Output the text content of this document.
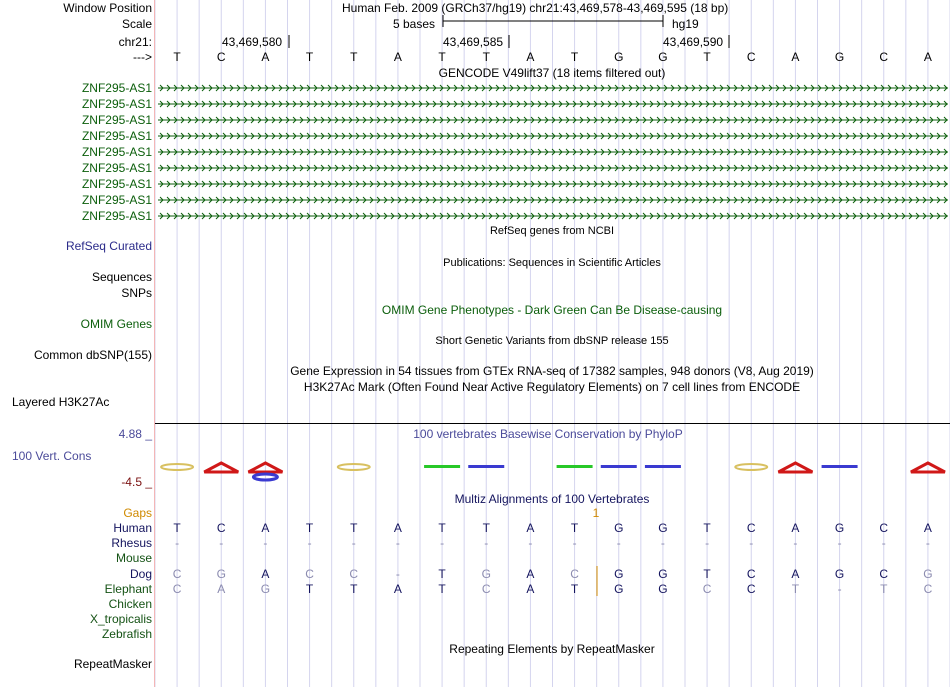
Window Position	Human Feb. 2009 (GRCh37/hg19) chr21:43,469,578-43,469,595 (18 bp)
Scale	5 bases	hg19
chr21:	43,469,580	43,469,585	43,469,590
--->	T	C	A	T	T	A	T	T	A	T	G	G	T	C	A	G	C	A
GENCODE V49lift37 (18 items filtered out)
ZNF295-AS1
ZNF295-AS1
ZNF295-AS1
ZNF295-AS1
ZNF295-AS1
ZNF295-AS1
ZNF295-AS1
ZNF295-AS1
ZNF295-AS1
RefSeq Curated
RefSeq genes from NCBI
Publications: Sequences in Scientific Articles
Sequences
SNPs
OMIM Gene Phenotypes - Dark Green Can Be Disease-causing
OMIM Genes
Short Genetic Variants from dbSNP release 155
Common dbSNP(155)
Gene Expression in 54 tissues from GTEx RNA-seq of 17382 samples, 948 donors (V8, Aug 2019)
H3K27Ac Mark (Often Found Near Active Regulatory Elements) on 7 cell lines from ENCODE
Layered H3K27Ac
4.88 _	100 vertebrates Basewise Conservation by PhyloP
100 Vert. Cons
-4.5 _
Multiz Alignments of 100 Vertebrates
Gaps	1
Human	T	C	A	T	T	A	T	T	A	T	G	G	T	C	A	G	C	A
Rhesus	-	-	-	-	-	-	-	-	-	-	-	-	-	-	-	-	-	-
Mouse
Dog	C	G	A	C	C	-	T	G	A	C	G	G	T	C	A	G	C	G
Elephant	C	A	G	T	T	A	T	C	A	T	G	G	C	C	T	-	T	C
Chicken
X_tropicalis
Zebrafish
Repeating Elements by RepeatMasker
RepeatMasker
